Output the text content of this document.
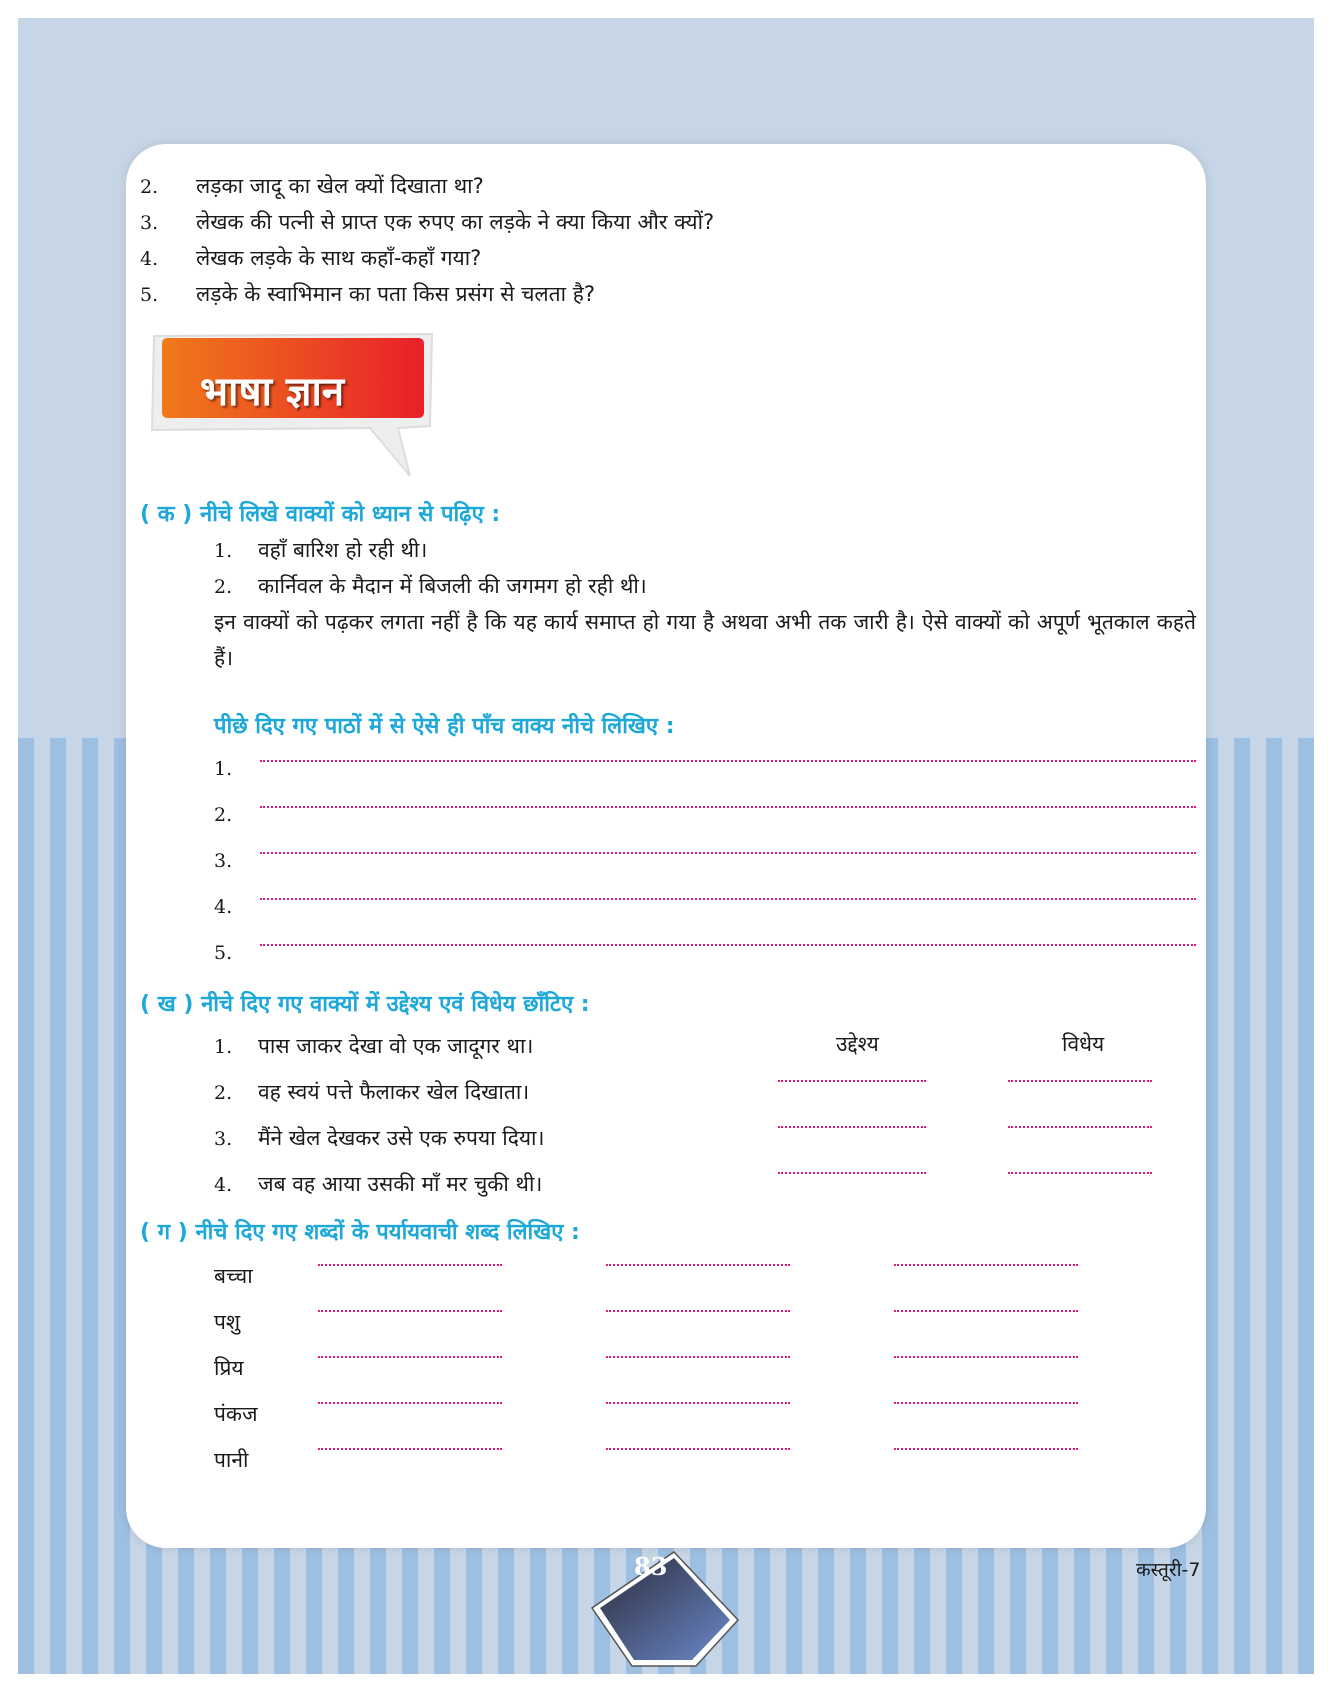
2. लड़का जादू का खेल क्यों दिखाता था?
3. लेखक की पत्नी से प्राप्त एक रुपए का लड़के ने क्या किया और क्यों?
4. लेखक लड़के के साथ कहाँ-कहाँ गया?
5. लड़के के स्वाभिमान का पता किस प्रसंग से चलता है?
भाषा ज्ञान
( क ) नीचे लिखे वाक्यों को ध्यान से पढ़िए :
1. वहाँ बारिश हो रही थी।
2. कार्निवल के मैदान में बिजली की जगमग हो रही थी।
इन वाक्यों को पढ़कर लगता नहीं है कि यह कार्य समाप्त हो गया है अथवा अभी तक जारी है। ऐसे वाक्यों को अपूर्ण भूतकाल कहते हैं।
पीछे दिए गए पाठों में से ऐसे ही पाँच वाक्य नीचे लिखिए :
1.
2.
3.
4.
5.
( ख ) नीचे दिए गए वाक्यों में उद्देश्य एवं विधेय छाँटिए :
उद्देश्य	विधेय
1. पास जाकर देखा वो एक जादूगर था।
2. वह स्वयं पत्ते फैलाकर खेल दिखाता।
3. मैंने खेल देखकर उसे एक रुपया दिया।
4. जब वह आया उसकी माँ मर चुकी थी।
( ग ) नीचे दिए गए शब्दों के पर्यायवाची शब्द लिखिए :
बच्चा
पशु
प्रिय
पंकज
पानी
83	कस्तूरी-7
